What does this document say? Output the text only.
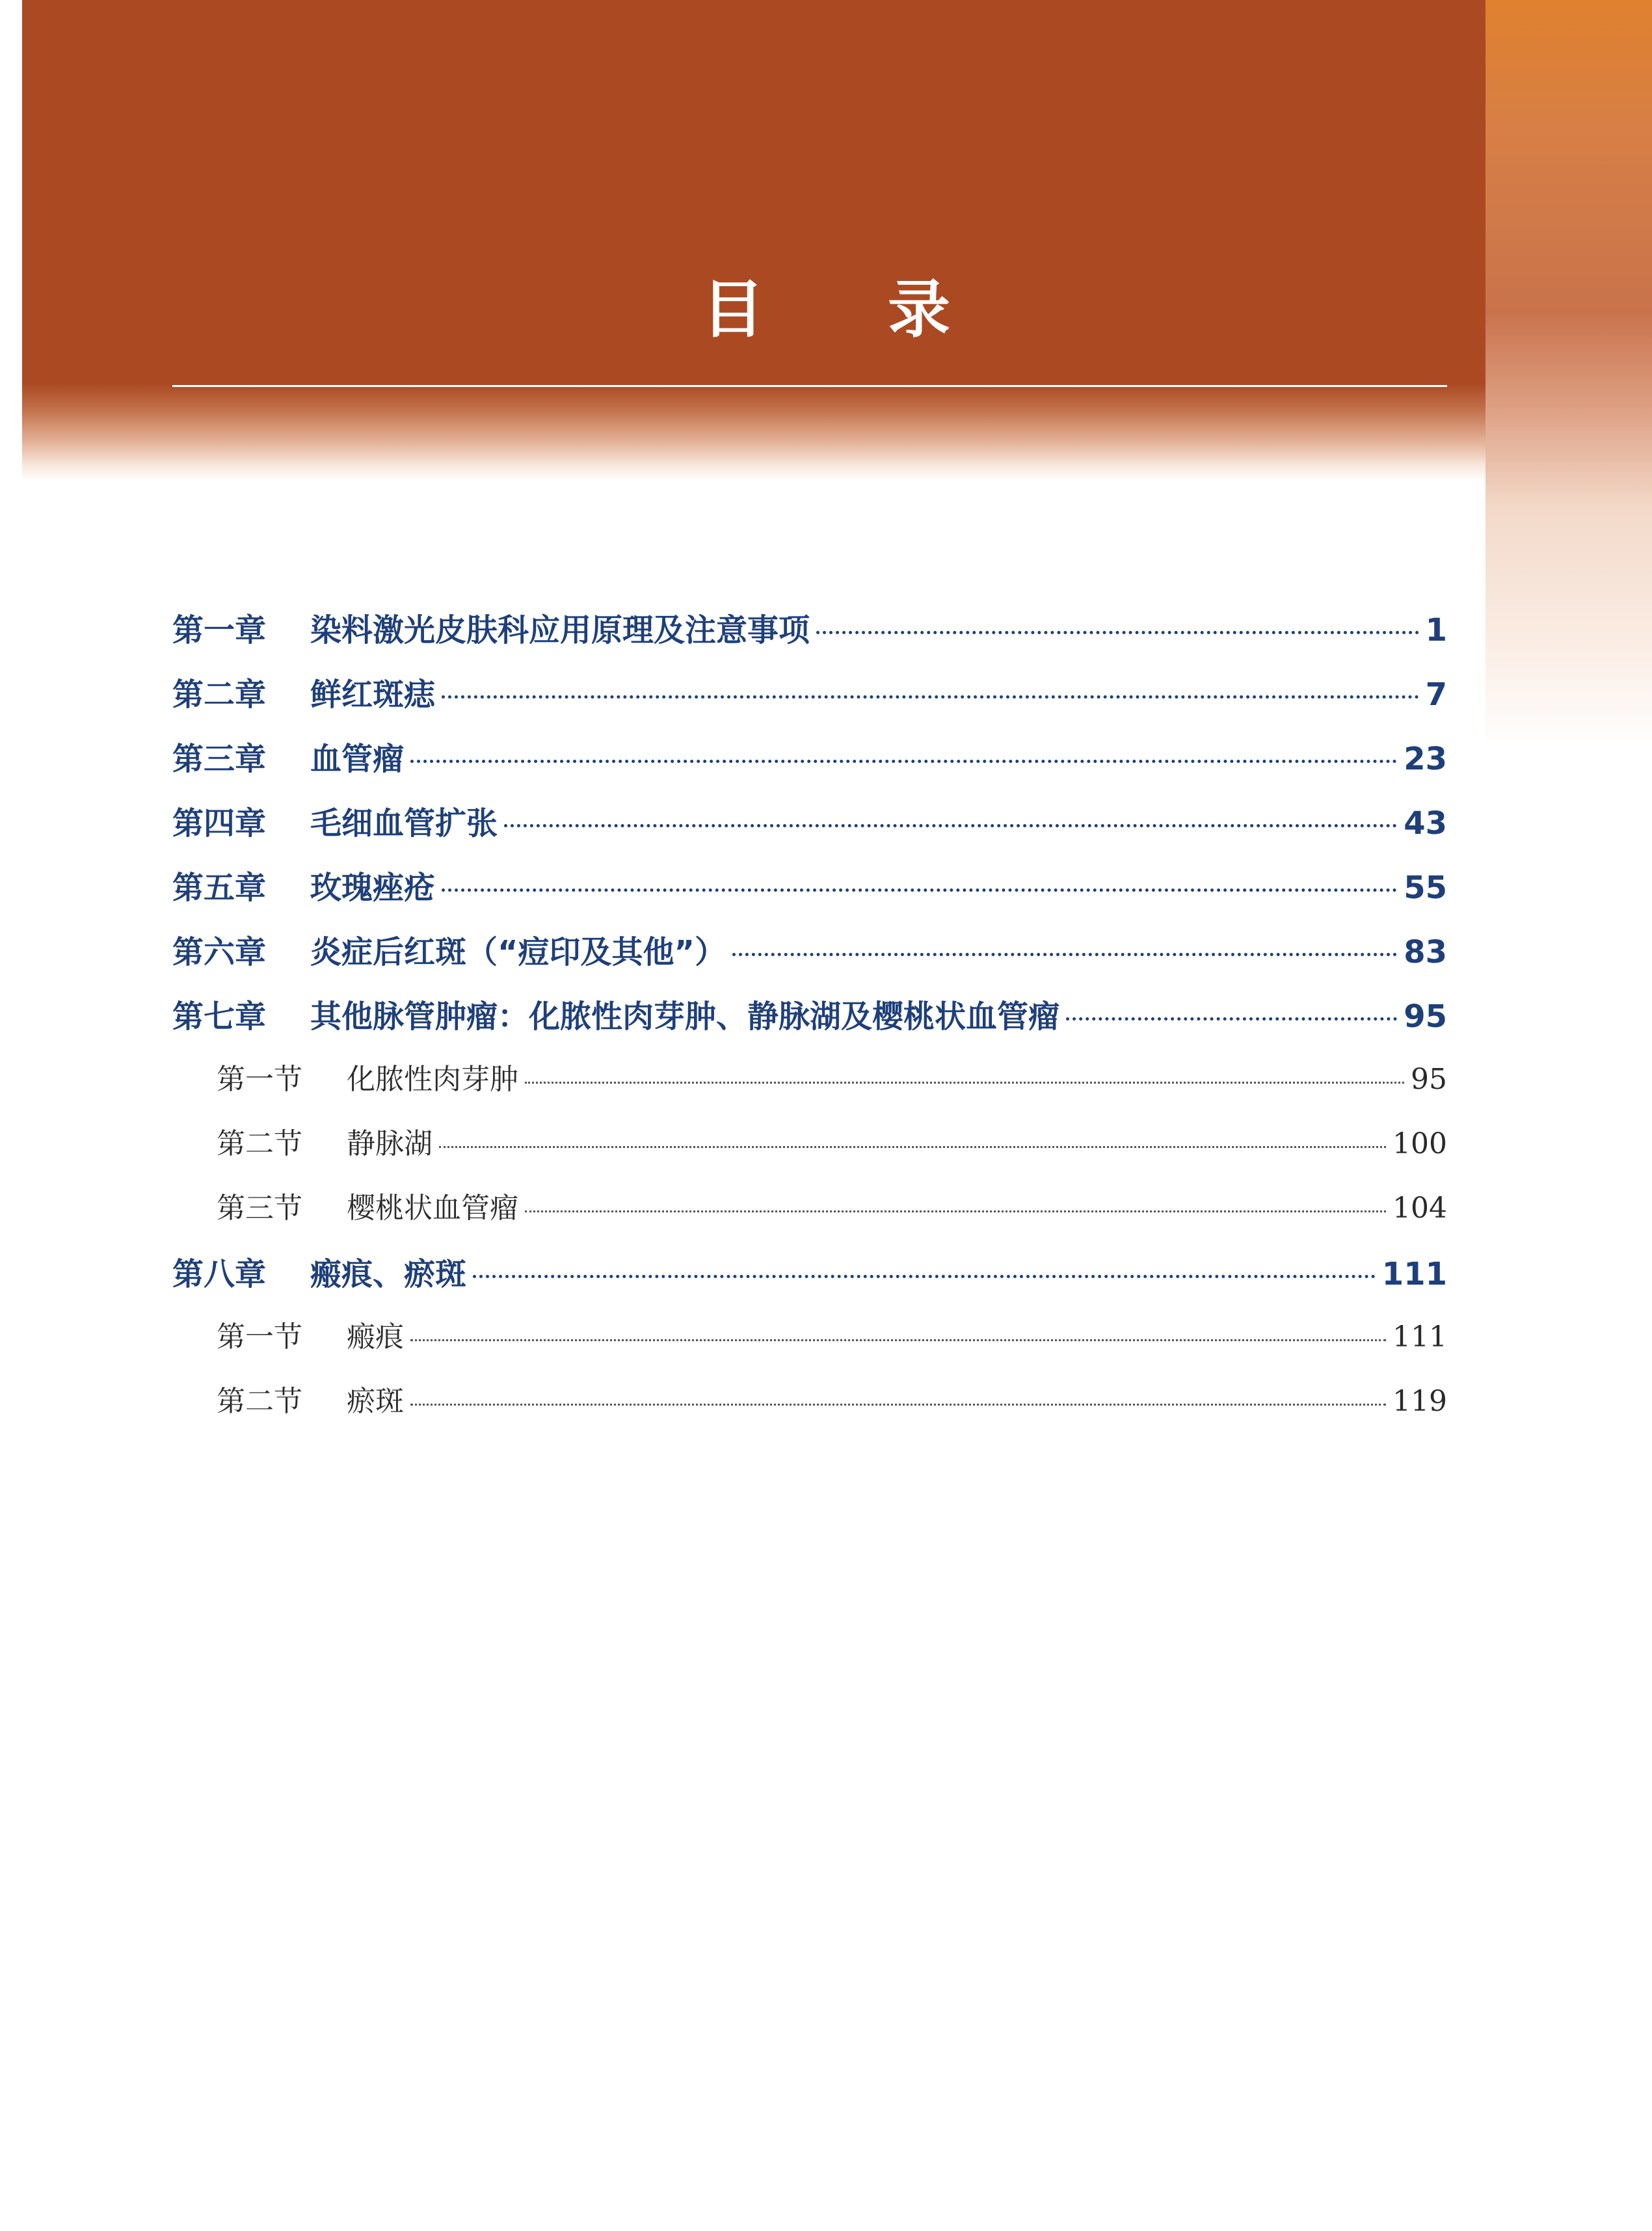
目 录
第一章	染料激光皮肤科应用原理及注意事项	1
第二章	鲜红斑痣	7
第三章	血管瘤	23
第四章	毛细血管扩张	43
第五章	玫瑰痤疮	55
第六章	炎症后红斑（“痘印及其他”）	83
第七章	其他脉管肿瘤：化脓性肉芽肿、静脉湖及樱桃状血管瘤	95
第一节	化脓性肉芽肿	95
第二节	静脉湖	100
第三节	樱桃状血管瘤	104
第八章	瘢痕、瘀斑	111
第一节	瘢痕	111
第二节	瘀斑	119
